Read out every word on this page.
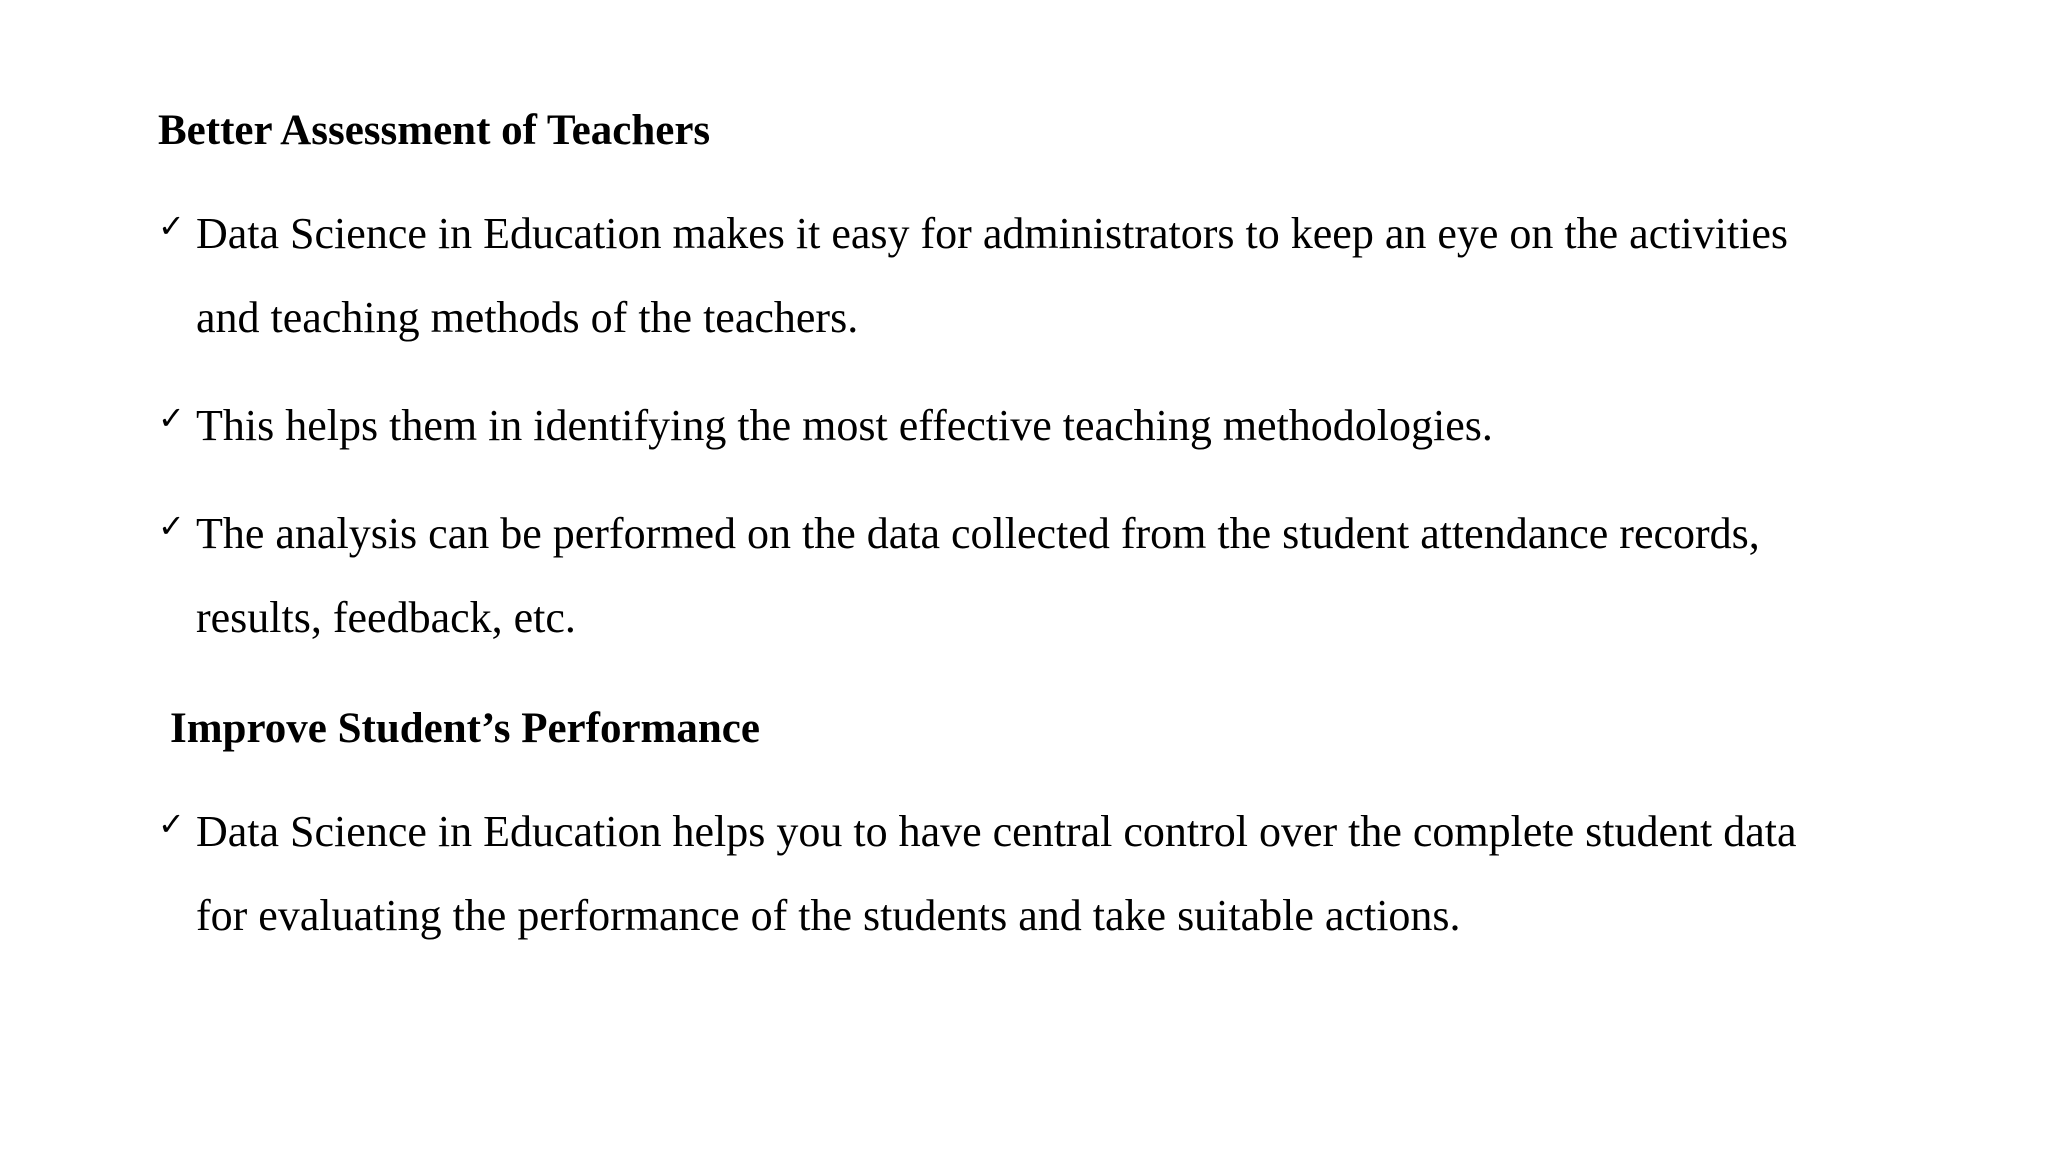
Better Assessment of Teachers
✓ Data Science in Education makes it easy for administrators to keep an eye on the activities
and teaching methods of the teachers.
✓ This helps them in identifying the most effective teaching methodologies.
✓ The analysis can be performed on the data collected from the student attendance records,
results, feedback, etc.
Improve Student’s Performance
✓ Data Science in Education helps you to have central control over the complete student data
for evaluating the performance of the students and take suitable actions.
